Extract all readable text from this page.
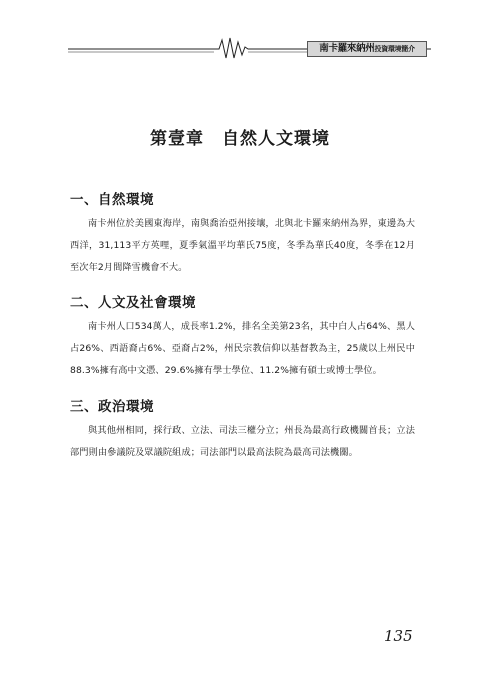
南卡羅來納州投資環境簡介
第壹章　自然人文環境
一、自然環境
南卡州位於美國東海岸，南與喬治亞州接壤，北與北卡羅來納州為界，東邊為大西洋，31,113平方英哩，夏季氣溫平均華氏75度，冬季為華氏40度，冬季在12月至次年2月間降雪機會不大。
二、人文及社會環境
南卡州人口534萬人，成長率1.2%，排名全美第23名，其中白人占64%、黑人占26%、西語裔占6%、亞裔占2%，州民宗教信仰以基督教為主，25歲以上州民中88.3%擁有高中文憑、29.6%擁有學士學位、11.2%擁有碩士或博士學位。
三、政治環境
與其他州相同，採行政、立法、司法三權分立；州長為最高行政機關首長；立法部門則由參議院及眾議院組成；司法部門以最高法院為最高司法機關。
135
